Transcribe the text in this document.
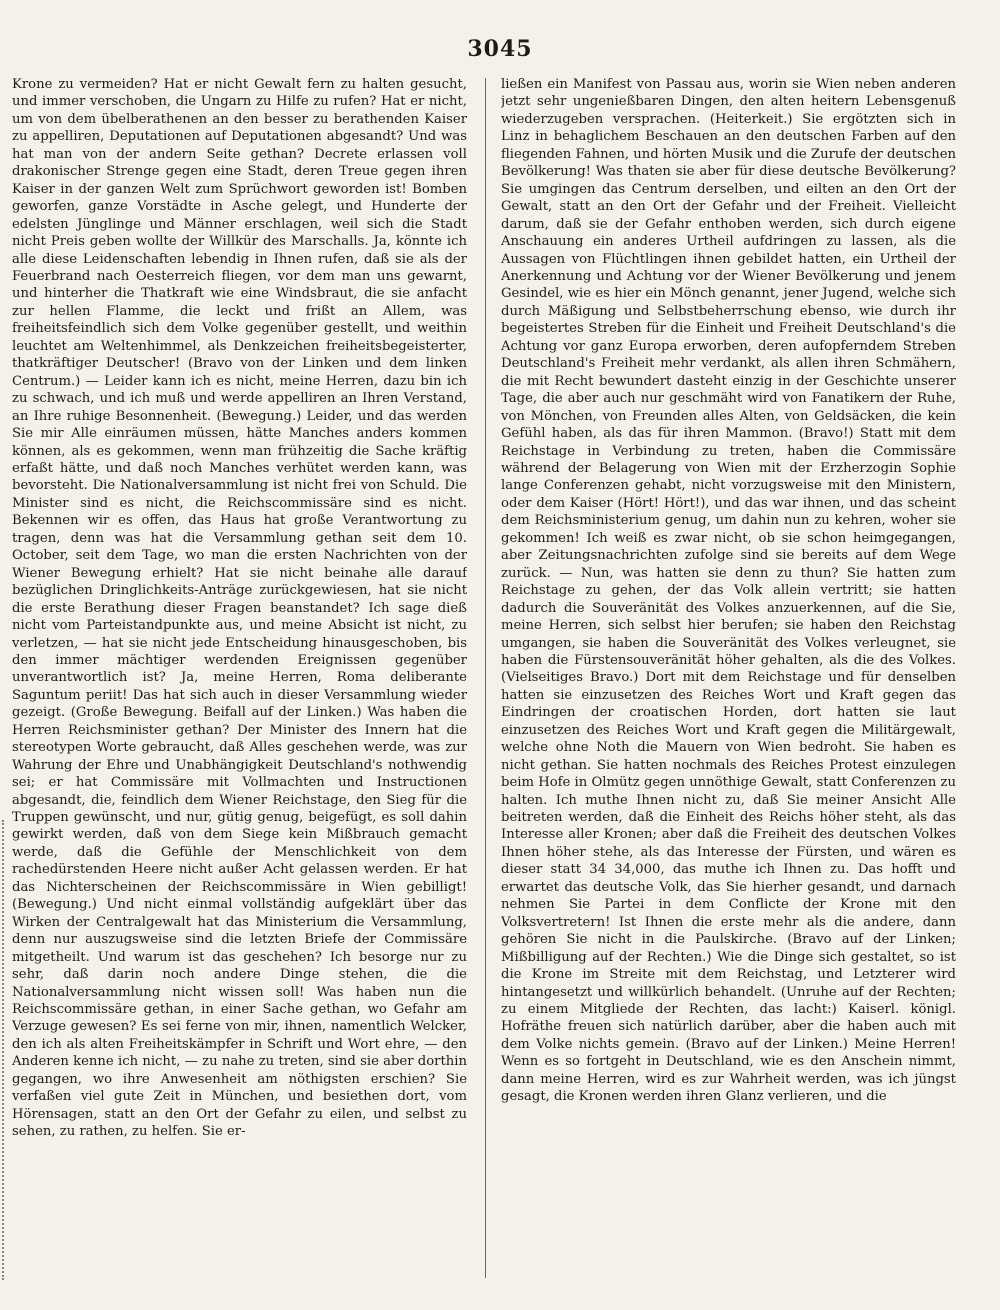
3045

Krone zu vermeiden? Hat er nicht Gewalt fern zu halten gesucht, und immer verschoben, die Ungarn zu Hilfe zu rufen? Hat er nicht, um von dem übelberathenen an den besser zu berathenden Kaiser zu appelliren, Deputationen auf Deputationen abgesandt? Und was hat man von der andern Seite gethan? Decrete erlassen voll drakonischer Strenge gegen eine Stadt, deren Treue gegen ihren Kaiser in der ganzen Welt zum Sprüchwort geworden ist! Bomben geworfen, ganze Vorstädte in Asche gelegt, und Hunderte der edelsten Jünglinge und Männer erschlagen, weil sich die Stadt nicht Preis geben wollte der Willkür des Marschalls. Ja, könnte ich alle diese Leidenschaften lebendig in Ihnen rufen, daß sie als der Feuerbrand nach Oesterreich fliegen, vor dem man uns gewarnt, und hinterher die Thatkraft wie eine Windsbraut, die sie anfacht zur hellen Flamme, die leckt und frißt an Allem, was freiheitsfeindlich sich dem Volke gegenüber gestellt, und weithin leuchtet am Weltenhimmel, als Denkzeichen freiheitsbegeisterter, thatkräftiger Deutscher! (Bravo von der Linken und dem linken Centrum.) — Leider kann ich es nicht, meine Herren, dazu bin ich zu schwach, und ich muß und werde appelliren an Ihren Verstand, an Ihre ruhige Besonnenheit. (Bewegung.) Leider, und das werden Sie mir Alle einräumen müssen, hätte Manches anders kommen können, als es gekommen, wenn man frühzeitig die Sache kräftig erfaßt hätte, und daß noch Manches verhütet werden kann, was bevorsteht. Die Nationalversammlung ist nicht frei von Schuld. Die Minister sind es nicht, die Reichscommissäre sind es nicht. Bekennen wir es offen, das Haus hat große Verantwortung zu tragen, denn was hat die Versammlung gethan seit dem 10. October, seit dem Tage, wo man die ersten Nachrichten von der Wiener Bewegung erhielt? Hat sie nicht beinahe alle darauf bezüglichen Dringlichkeits-Anträge zurückgewiesen, hat sie nicht die erste Berathung dieser Fragen beanstandet? Ich sage dieß nicht vom Parteistandpunkte aus, und meine Absicht ist nicht, zu verletzen, — hat sie nicht jede Entscheidung hinausgeschoben, bis den immer mächtiger werdenden Ereignissen gegenüber unverantwortlich ist? Ja, meine Herren, Roma deliberante Saguntum periit! Das hat sich auch in dieser Versammlung wieder gezeigt. (Große Bewegung. Beifall auf der Linken.) Was haben die Herren Reichsminister gethan? Der Minister des Innern hat die stereotypen Worte gebraucht, daß Alles geschehen werde, was zur Wahrung der Ehre und Unabhängigkeit Deutschland's nothwendig sei; er hat Commissäre mit Vollmachten und Instructionen abgesandt, die, feindlich dem Wiener Reichstage, den Sieg für die Truppen gewünscht, und nur, gütig genug, beigefügt, es soll dahin gewirkt werden, daß von dem Siege kein Mißbrauch gemacht werde, daß die Gefühle der Menschlichkeit von dem rachedürstenden Heere nicht außer Acht gelassen werden. Er hat das Nichterscheinen der Reichscommissäre in Wien gebilligt! (Bewegung.) Und nicht einmal vollständig aufgeklärt über das Wirken der Centralgewalt hat das Ministerium die Versammlung, denn nur auszugsweise sind die letzten Briefe der Commissäre mitgetheilt. Und warum ist das geschehen? Ich besorge nur zu sehr, daß darin noch andere Dinge stehen, die die Nationalversammlung nicht wissen soll! Was haben nun die Reichscommissäre gethan, in einer Sache gethan, wo Gefahr am Verzuge gewesen? Es sei ferne von mir, ihnen, namentlich Welcker, den ich als alten Freiheitskämpfer in Schrift und Wort ehre, — den Anderen kenne ich nicht, — zu nahe zu treten, sind sie aber dorthin gegangen, wo ihre Anwesenheit am nöthigsten erschien? Sie verfaßen viel gute Zeit in München, und besiethen dort, vom Hörensagen, statt an den Ort der Gefahr zu eilen, und selbst zu sehen, zu rathen, zu helfen. Sie er-

ließen ein Manifest von Passau aus, worin sie Wien neben anderen jetzt sehr ungenießbaren Dingen, den alten heitern Lebensgenuß wiederzugeben versprachen. (Heiterkeit.) Sie ergötzten sich in Linz in behaglichem Beschauen an den deutschen Farben auf den fliegenden Fahnen, und hörten Musik und die Zurufe der deutschen Bevölkerung! Was thaten sie aber für diese deutsche Bevölkerung? Sie umgingen das Centrum derselben, und eilten an den Ort der Gewalt, statt an den Ort der Gefahr und der Freiheit. Vielleicht darum, daß sie der Gefahr enthoben werden, sich durch eigene Anschauung ein anderes Urtheil aufdringen zu lassen, als die Aussagen von Flüchtlingen ihnen gebildet hatten, ein Urtheil der Anerkennung und Achtung vor der Wiener Bevölkerung und jenem Gesindel, wie es hier ein Mönch genannt, jener Jugend, welche sich durch Mäßigung und Selbstbeherrschung ebenso, wie durch ihr begeistertes Streben für die Einheit und Freiheit Deutschland's die Achtung vor ganz Europa erworben, deren aufopferndem Streben Deutschland's Freiheit mehr verdankt, als allen ihren Schmähern, die mit Recht bewundert dasteht einzig in der Geschichte unserer Tage, die aber auch nur geschmäht wird von Fanatikern der Ruhe, von Mönchen, von Freunden alles Alten, von Geldsäcken, die kein Gefühl haben, als das für ihren Mammon. (Bravo!) Statt mit dem Reichstage in Verbindung zu treten, haben die Commissäre während der Belagerung von Wien mit der Erzherzogin Sophie lange Conferenzen gehabt, nicht vorzugsweise mit den Ministern, oder dem Kaiser (Hört! Hört!), und das war ihnen, und das scheint dem Reichsministerium genug, um dahin nun zu kehren, woher sie gekommen! Ich weiß es zwar nicht, ob sie schon heimgegangen, aber Zeitungsnachrichten zufolge sind sie bereits auf dem Wege zurück. — Nun, was hatten sie denn zu thun? Sie hatten zum Reichstage zu gehen, der das Volk allein vertritt; sie hatten dadurch die Souveränität des Volkes anzuerkennen, auf die Sie, meine Herren, sich selbst hier berufen; sie haben den Reichstag umgangen, sie haben die Souveränität des Volkes verleugnet, sie haben die Fürstensouveränität höher gehalten, als die des Volkes. (Vielseitiges Bravo.) Dort mit dem Reichstage und für denselben hatten sie einzusetzen des Reiches Wort und Kraft gegen das Eindringen der croatischen Horden, dort hatten sie laut einzusetzen des Reiches Wort und Kraft gegen die Militärgewalt, welche ohne Noth die Mauern von Wien bedroht. Sie haben es nicht gethan. Sie hatten nochmals des Reiches Protest einzulegen beim Hofe in Olmütz gegen unnöthige Gewalt, statt Conferenzen zu halten. Ich muthe Ihnen nicht zu, daß Sie meiner Ansicht Alle beitreten werden, daß die Einheit des Reichs höher steht, als das Interesse aller Kronen; aber daß die Freiheit des deutschen Volkes Ihnen höher stehe, als das Interesse der Fürsten, und wären es dieser statt 34 34,000, das muthe ich Ihnen zu. Das hofft und erwartet das deutsche Volk, das Sie hierher gesandt, und darnach nehmen Sie Partei in dem Conflicte der Krone mit den Volksvertretern! Ist Ihnen die erste mehr als die andere, dann gehören Sie nicht in die Paulskirche. (Bravo auf der Linken; Mißbilligung auf der Rechten.) Wie die Dinge sich gestaltet, so ist die Krone im Streite mit dem Reichstag, und Letzterer wird hintangesetzt und willkürlich behandelt. (Unruhe auf der Rechten; zu einem Mitgliede der Rechten, das lacht:) Kaiserl. königl. Hofräthe freuen sich natürlich darüber, aber die haben auch mit dem Volke nichts gemein. (Bravo auf der Linken.) Meine Herren! Wenn es so fortgeht in Deutschland, wie es den Anschein nimmt, dann meine Herren, wird es zur Wahrheit werden, was ich jüngst gesagt, die Kronen werden ihren Glanz verlieren, und die
